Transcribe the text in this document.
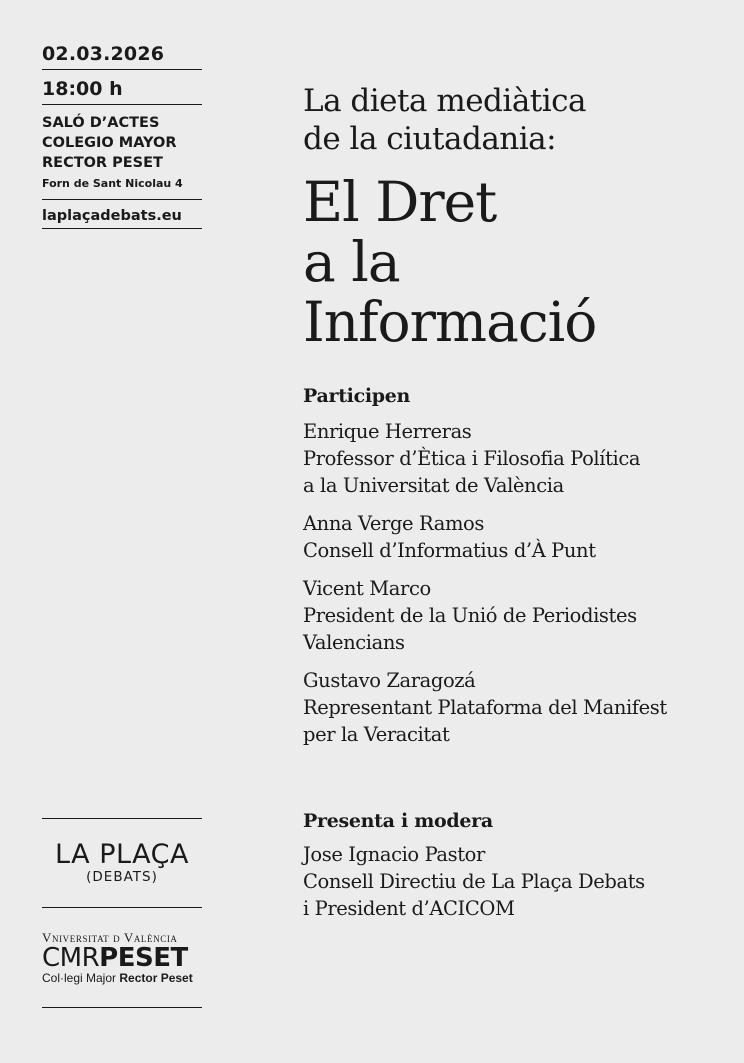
02.03.2026
18:00 h
SALÓ D’ACTES
COLEGIO MAYOR
RECTOR PESET
Forn de Sant Nicolau 4
laplaçadebats.eu
La dieta mediàtica
de la ciutadania:
El Dret
a la
Informació

Participen

Enrique Herreras
Professor d’Ètica i Filosofia Política
a la Universitat de València

Anna Verge Ramos
Consell d’Informatius d’À Punt

Vicent Marco
President de la Unió de Periodistes
Valencians

Gustavo Zaragozá
Representant Plataforma del Manifest
per la Veracitat

Presenta i modera

Jose Ignacio Pastor
Consell Directiu de La Plaça Debats
i President d’ACICOM

LA PLAÇA
(DEBATS)
Vniversitat d València
CMRPESET
Col·legi Major Rector Peset
